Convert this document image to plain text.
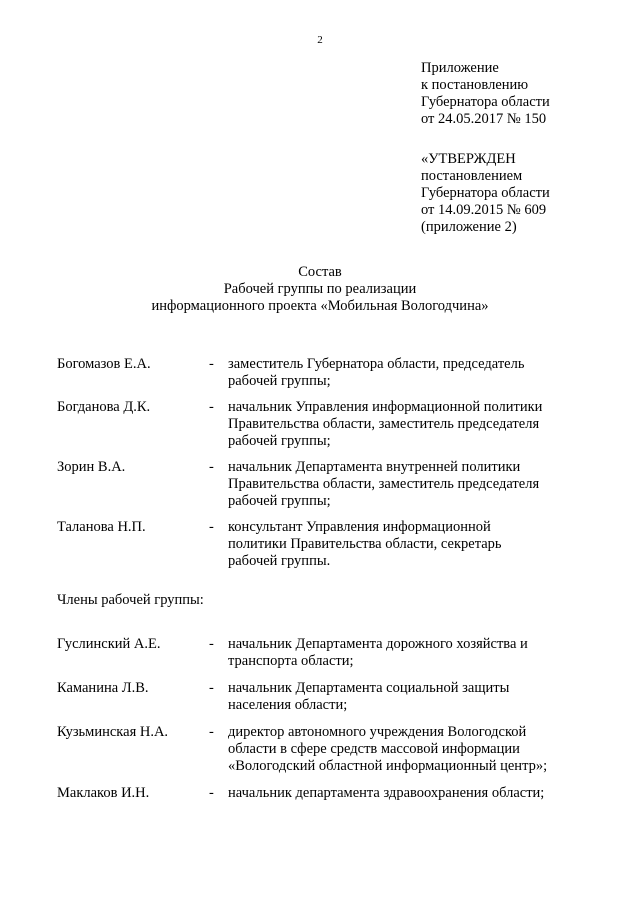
2
Приложение
к постановлению
Губернатора области
от 24.05.2017 № 150
«УТВЕРЖДЕН
постановлением
Губернатора области
от 14.09.2015 № 609
(приложение 2)
Состав
Рабочей группы по реализации
информационного проекта «Мобильная Вологодчина»
Богомазов Е.А.	- заместитель Губернатора области, председатель
рабочей группы;
Богданова Д.К.	- начальник Управления информационной политики
Правительства области, заместитель председателя
рабочей группы;
Зорин В.А.	- начальник Департамента внутренней политики
Правительства области, заместитель председателя
рабочей группы;
Таланова Н.П.	- консультант Управления информационной
политики Правительства области, секретарь
рабочей группы.
Члены рабочей группы:
Гуслинский А.Е.	- начальник Департамента дорожного хозяйства и
транспорта области;
Каманина Л.В.	- начальник Департамента социальной защиты
населения области;
Кузьминская Н.А.	- директор автономного учреждения Вологодской
области в сфере средств массовой информации
«Вологодский областной информационный центр»;
Маклаков И.Н.	- начальник департамента здравоохранения области;
